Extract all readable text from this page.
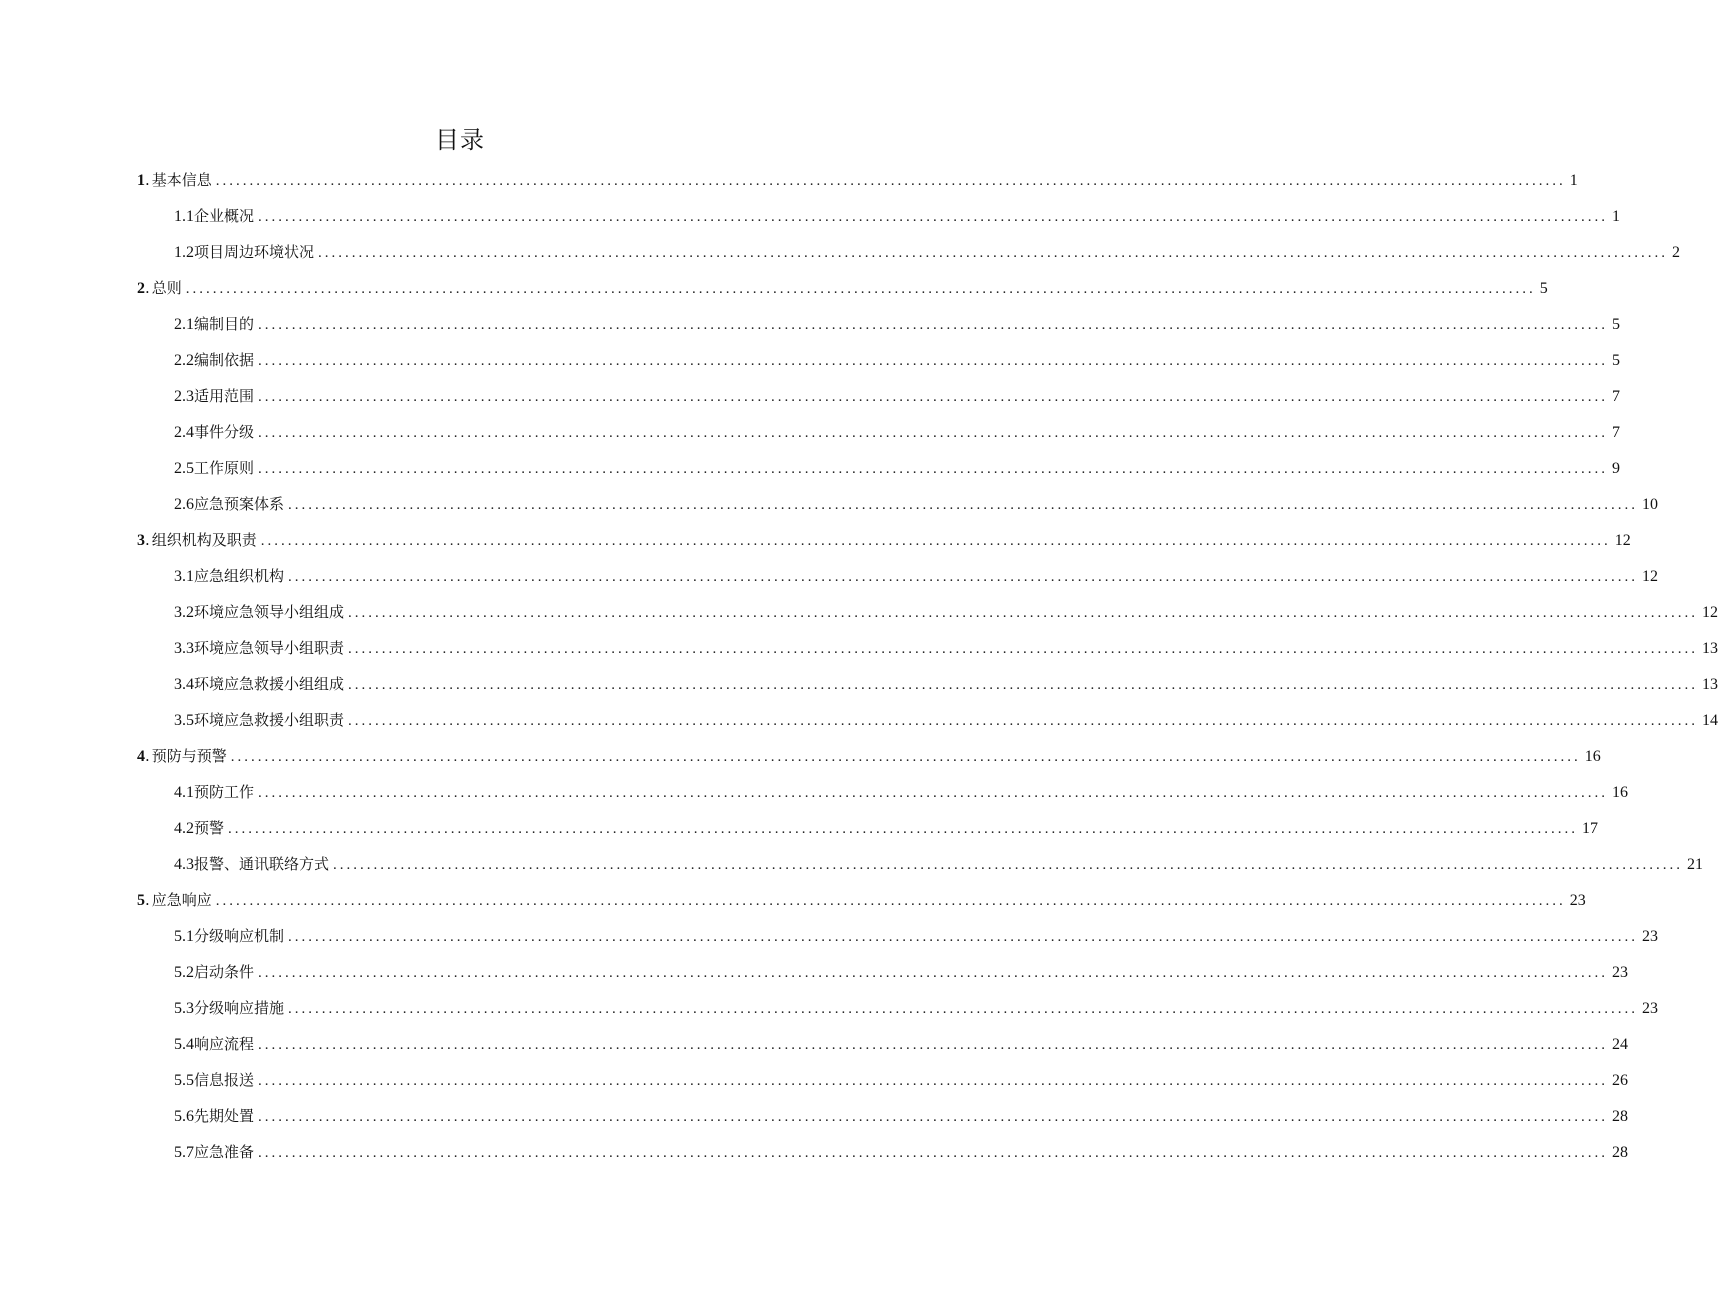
目录
1 . 基本信息 ........................................................................................................................................................................................................ 1
1.1 企业概况 ........................................................................................................................................................................................................ 1
1.2 项目周边环境状况 ........................................................................................................................................................................................................ 2
2 . 总则 ........................................................................................................................................................................................................ 5
2.1 编制目的 ........................................................................................................................................................................................................ 5
2.2 编制依据 ........................................................................................................................................................................................................ 5
2.3 适用范围 ........................................................................................................................................................................................................ 7
2.4 事件分级 ........................................................................................................................................................................................................ 7
2.5 工作原则 ........................................................................................................................................................................................................ 9
2.6 应急预案体系 ........................................................................................................................................................................................................ 10
3 . 组织机构及职责 ........................................................................................................................................................................................................ 12
3.1 应急组织机构 ........................................................................................................................................................................................................ 12
3.2 环境应急领导小组组成 ........................................................................................................................................................................................................ 12
3.3 环境应急领导小组职责 ........................................................................................................................................................................................................ 13
3.4 环境应急救援小组组成 ........................................................................................................................................................................................................ 13
3.5 环境应急救援小组职责 ........................................................................................................................................................................................................ 14
4 . 预防与预警 ........................................................................................................................................................................................................ 16
4.1 预防工作 ........................................................................................................................................................................................................ 16
4.2 预警 ........................................................................................................................................................................................................ 17
4.3 报警、通讯联络方式 ........................................................................................................................................................................................................ 21
5 . 应急响应 ........................................................................................................................................................................................................ 23
5.1 分级响应机制 ........................................................................................................................................................................................................ 23
5.2 启动条件 ........................................................................................................................................................................................................ 23
5.3 分级响应措施 ........................................................................................................................................................................................................ 23
5.4 响应流程 ........................................................................................................................................................................................................ 24
5.5 信息报送 ........................................................................................................................................................................................................ 26
5.6 先期处置 ........................................................................................................................................................................................................ 28
5.7 应急准备 ........................................................................................................................................................................................................ 28
